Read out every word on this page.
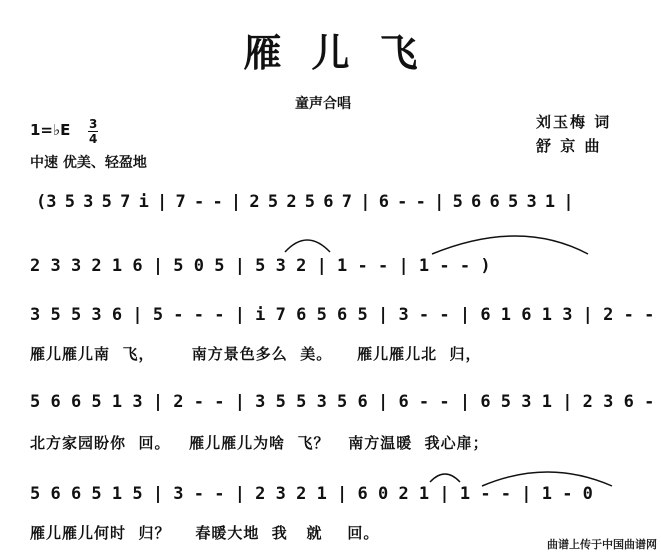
雁儿飞
童声合唱
刘玉梅 词
舒 京 曲
1=♭E 3
4
中速 优美、轻盈地
(3 5 3 5 7 i | 7 - - | 2 5 2 5 6 7 | 6 - - | 5 6 6 5 3 1 |
2 3 3 2 1 6 | 5 0 5 | 5 3 2 | 1 - - | 1 - - )
3 5 5 3 6 | 5 - - - | i 7 6 5 6 5 | 3 - - | 6 1 6 1 3 | 2 - -
雁儿雁儿南  飞，      南方景色多么  美。    雁儿雁儿北  归，
5 6 6 5 1 3 | 2 - - | 3 5 5 3 5 6 | 6 - - | 6 5 3 1 | 2 3 6 -
北方家园盼你  回。   雁儿雁儿为啥  飞？   南方温暖  我心扉；
5 6 6 5 1 5 | 3 - - | 2 3 2 1 | 6 0 2 1 | 1 - - | 1 - 0
雁儿雁儿何时  归？    春暖大地  我   就    回。
曲谱上传于中国曲谱网
